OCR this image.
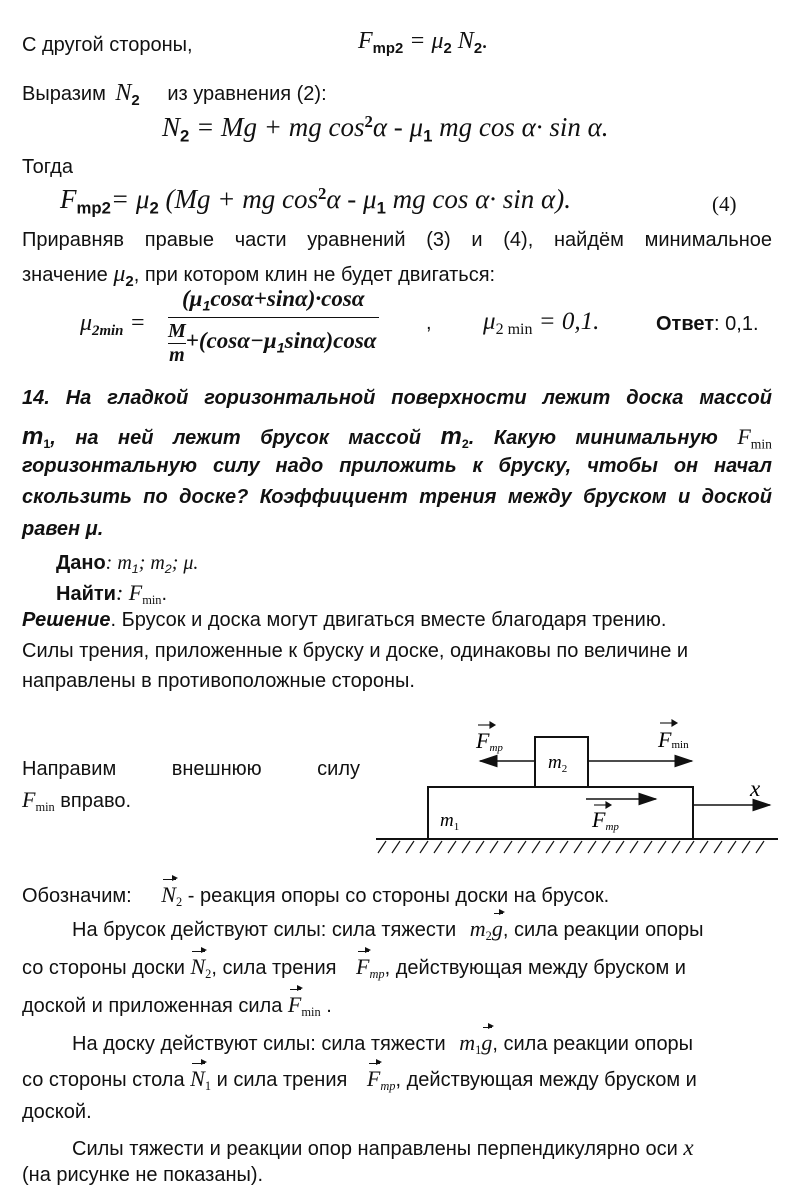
С другой стороны,	$F_{mp2} = \mu_2$ $N_2$.
Выразим $N_2$ из уравнения (2):
$N_2 = Mg$ + mg $\cos^2\alpha - \mu_1$ mg cos α· sin α.
Тогда
$F_{mp2}= \mu_2$ (Mg + mg $\cos^2\alpha - \mu_1$ mg cos α· sin α).	(4)
Приравняв правые части уравнений (3) и (4), найдём минимальное
значение $\mu_2$, при котором клин не будет двигаться:
$\mu_{2min} = \frac{(\mu_1\cos\alpha+\sin\alpha)\cdot\cos\alpha}{\frac{M}{m} +(\cos\alpha-\mu_1\sin\alpha)\cos\alpha}$ , $\mu_{2 min} = 0,1$.	Ответ: 0,1.
14. На гладкой горизонтальной поверхности лежит доска массой
$m_1$, на ней лежит брусок массой $m_2$. Какую минимальную $F_{min}$
горизонтальную силу надо приложить к бруску, чтобы он начал
скользить по доске? Коэффициент трения между бруском и доской
равен μ.
Дано: $m_1$; $m_2$; μ.
Найти: $F_{min}$.
Решение. Брусок и доска могут двигаться вместе благодаря трению.
Силы трения, приложенные к бруску и доске, одинаковы по величине и
направлены в противоположные стороны.
Направим	внешнюю	силу
$F_{min}$ вправо.
Fmp	Fmin
$m_2$
$m_1$
x
Fmp
Обозначим: $N_2$ - реакция опоры со стороны доски на брусок.
На брусок действуют силы: сила тяжести $m_2g$, сила реакции опоры
со стороны доски $N_2$, сила трения $F_{mp}$, действующая между бруском и
доской и приложенная сила $F_{min}$ .
На доску действуют силы: сила тяжести $m_1g$, сила реакции опоры
со стороны стола $N_1$ и сила трения $F_{mp}$, действующая между бруском и
доской.
Силы тяжести и реакции опор направлены перпендикулярно оси x
(на рисунке не показаны).
